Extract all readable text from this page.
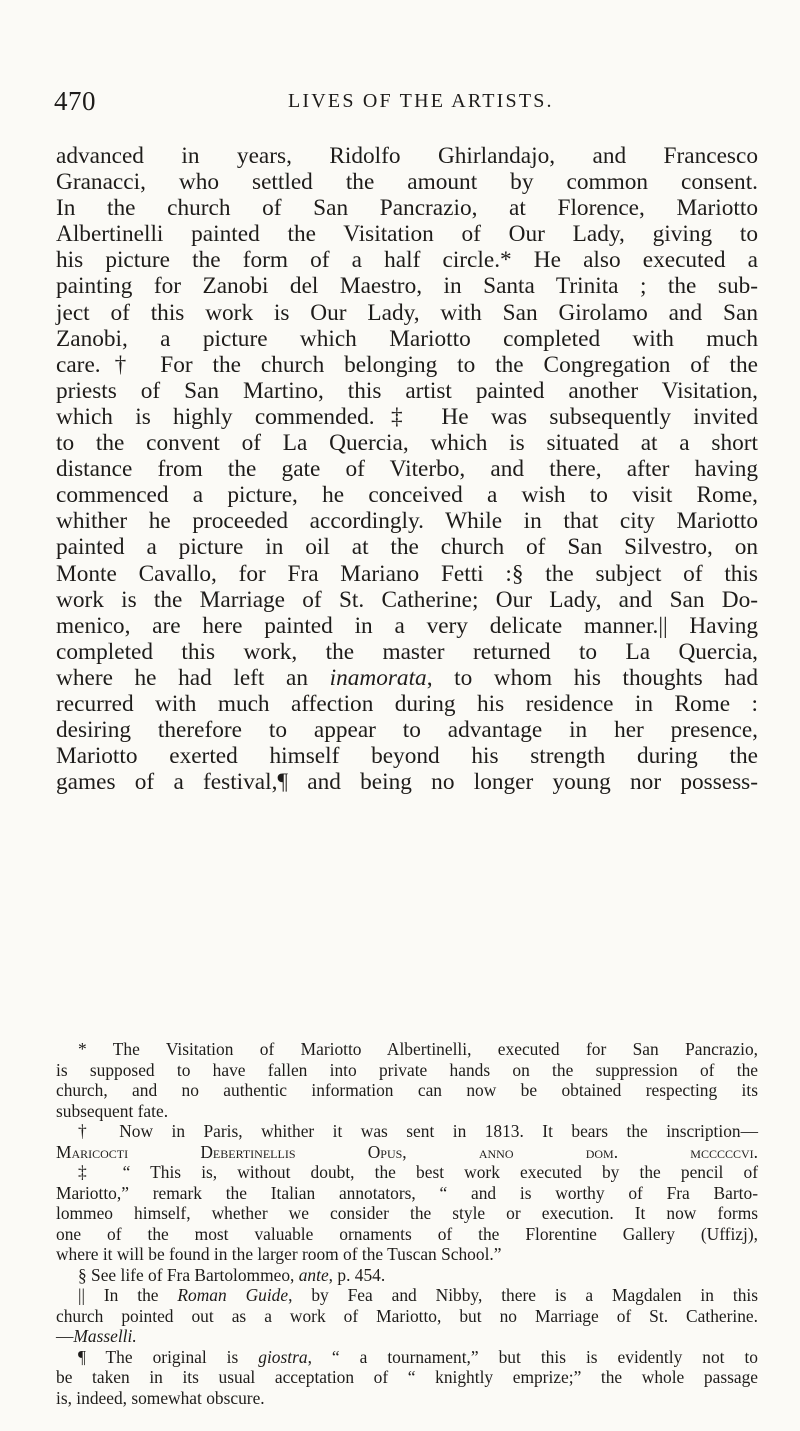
470	LIVES OF THE ARTISTS.
advanced in years, Ridolfo Ghirlandajo, and Francesco
Granacci, who settled the amount by common consent.
In the church of San Pancrazio, at Florence, Mariotto
Albertinelli painted the Visitation of Our Lady, giving to
his picture the form of a half circle.* He also executed a
painting for Zanobi del Maestro, in Santa Trinita ; the sub-
ject of this work is Our Lady, with San Girolamo and San
Zanobi, a picture which Mariotto completed with much
care.† For the church belonging to the Congregation of the
priests of San Martino, this artist painted another Visitation,
which is highly commended.‡ He was subsequently invited
to the convent of La Quercia, which is situated at a short
distance from the gate of Viterbo, and there, after having
commenced a picture, he conceived a wish to visit Rome,
whither he proceeded accordingly. While in that city Mariotto
painted a picture in oil at the church of San Silvestro, on
Monte Cavallo, for Fra Mariano Fetti :§ the subject of this
work is the Marriage of St. Catherine; Our Lady, and San Do-
menico, are here painted in a very delicate manner.|| Having
completed this work, the master returned to La Quercia,
where he had left an inamorata, to whom his thoughts had
recurred with much affection during his residence in Rome :
desiring therefore to appear to advantage in her presence,
Mariotto exerted himself beyond his strength during the
games of a festival,¶ and being no longer young nor possess-
* The Visitation of Mariotto Albertinelli, executed for San Pancrazio,
is supposed to have fallen into private hands on the suppression of the
church, and no authentic information can now be obtained respecting its
subsequent fate.
† Now in Paris, whither it was sent in 1813. It bears the inscription—
Maricocti Debertinellis Opus, anno dom. mcccccvi.
‡ “ This is, without doubt, the best work executed by the pencil of
Mariotto,” remark the Italian annotators, “ and is worthy of Fra Barto-
lommeo himself, whether we consider the style or execution. It now forms
one of the most valuable ornaments of the Florentine Gallery (Uffizj),
where it will be found in the larger room of the Tuscan School.”
§ See life of Fra Bartolommeo, ante, p. 454.
|| In the Roman Guide, by Fea and Nibby, there is a Magdalen in this
church pointed out as a work of Mariotto, but no Marriage of St. Catherine.
—Masselli.
¶ The original is giostra, “ a tournament,” but this is evidently not to
be taken in its usual acceptation of “ knightly emprize;” the whole passage
is, indeed, somewhat obscure.
